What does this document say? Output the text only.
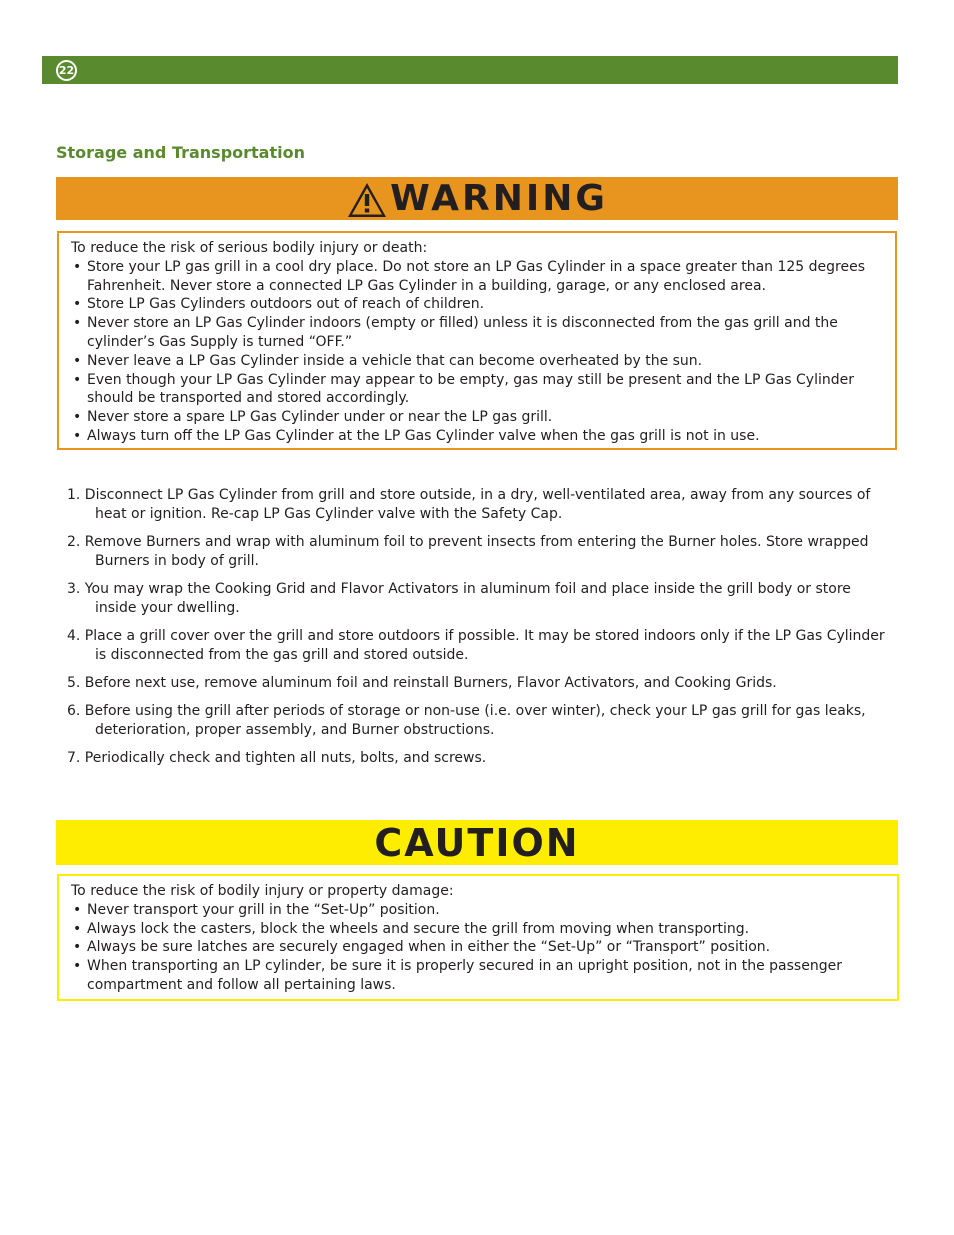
22
Storage and Transportation
WARNING

To reduce the risk of serious bodily injury or death:

• Store your LP gas grill in a cool dry place. Do not store an LP Gas Cylinder in a space greater than 125 degrees Fahrenheit. Never store a connected LP Gas Cylinder in a building, garage, or any enclosed area.
• Store LP Gas Cylinders outdoors out of reach of children.
• Never store an LP Gas Cylinder indoors (empty or filled) unless it is disconnected from the gas grill and the cylinder’s Gas Supply is turned “OFF.”
• Never leave a LP Gas Cylinder inside a vehicle that can become overheated by the sun.
• Even though your LP Gas Cylinder may appear to be empty, gas may still be present and the LP Gas Cylinder should be transported and stored accordingly.
• Never store a spare LP Gas Cylinder under or near the LP gas grill.
• Always turn off the LP Gas Cylinder at the LP Gas Cylinder valve when the gas grill is not in use.

1. Disconnect LP Gas Cylinder from grill and store outside, in a dry, well-ventilated area, away from any sources of heat or ignition. Re-cap LP Gas Cylinder valve with the Safety Cap.

2. Remove Burners and wrap with aluminum foil to prevent insects from entering the Burner holes. Store wrapped Burners in body of grill.

3. You may wrap the Cooking Grid and Flavor Activators in aluminum foil and place inside the grill body or store inside your dwelling.

4. Place a grill cover over the grill and store outdoors if possible. It may be stored indoors only if the LP Gas Cylinder is disconnected from the gas grill and stored outside.

5. Before next use, remove aluminum foil and reinstall Burners, Flavor Activators, and Cooking Grids.

6. Before using the grill after periods of storage or non-use (i.e. over winter), check your LP gas grill for gas leaks, deterioration, proper assembly, and Burner obstructions.

7. Periodically check and tighten all nuts, bolts, and screws.

CAUTION

To reduce the risk of bodily injury or property damage:

• Never transport your grill in the “Set-Up” position.
• Always lock the casters, block the wheels and secure the grill from moving when transporting.
• Always be sure latches are securely engaged when in either the “Set-Up” or “Transport” position.
• When transporting an LP cylinder, be sure it is properly secured in an upright position, not in the passenger compartment and follow all pertaining laws.
